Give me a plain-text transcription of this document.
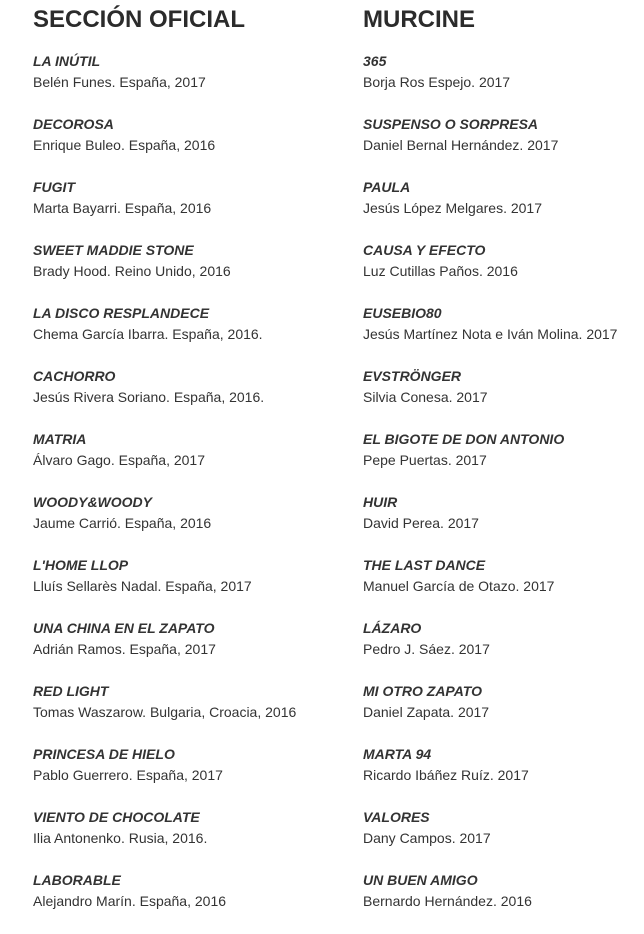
SECCIÓN OFICIAL
LA INÚTIL
Belén Funes. España, 2017
DECOROSA
Enrique Buleo. España, 2016
FUGIT
Marta Bayarri. España, 2016
SWEET MADDIE STONE
Brady Hood. Reino Unido, 2016
LA DISCO RESPLANDECE
Chema García Ibarra. España, 2016.
CACHORRO
Jesús Rivera Soriano. España, 2016.
MATRIA
Álvaro Gago. España, 2017
WOODY&WOODY
Jaume Carrió. España, 2016
L'HOME LLOP
Lluís Sellarès Nadal. España, 2017
UNA CHINA EN EL ZAPATO
Adrián Ramos. España, 2017
RED LIGHT
Tomas Waszarow. Bulgaria, Croacia, 2016
PRINCESA DE HIELO
Pablo Guerrero. España, 2017
VIENTO DE CHOCOLATE
Ilia Antonenko. Rusia, 2016.
LABORABLE
Alejandro Marín. España, 2016
MURCINE
365
Borja Ros Espejo. 2017
SUSPENSO O SORPRESA
Daniel Bernal Hernández. 2017
PAULA
Jesús López Melgares. 2017
CAUSA Y EFECTO
Luz Cutillas Paños. 2016
EUSEBIO80
Jesús Martínez Nota e Iván Molina. 2017
EVSTRÖNGER
Silvia Conesa. 2017
EL BIGOTE DE DON ANTONIO
Pepe Puertas. 2017
HUIR
David Perea. 2017
THE LAST DANCE
Manuel García de Otazo. 2017
LÁZARO
Pedro J. Sáez. 2017
MI OTRO ZAPATO
Daniel Zapata. 2017
MARTA 94
Ricardo Ibáñez Ruíz. 2017
VALORES
Dany Campos. 2017
UN BUEN AMIGO
Bernardo Hernández. 2016
